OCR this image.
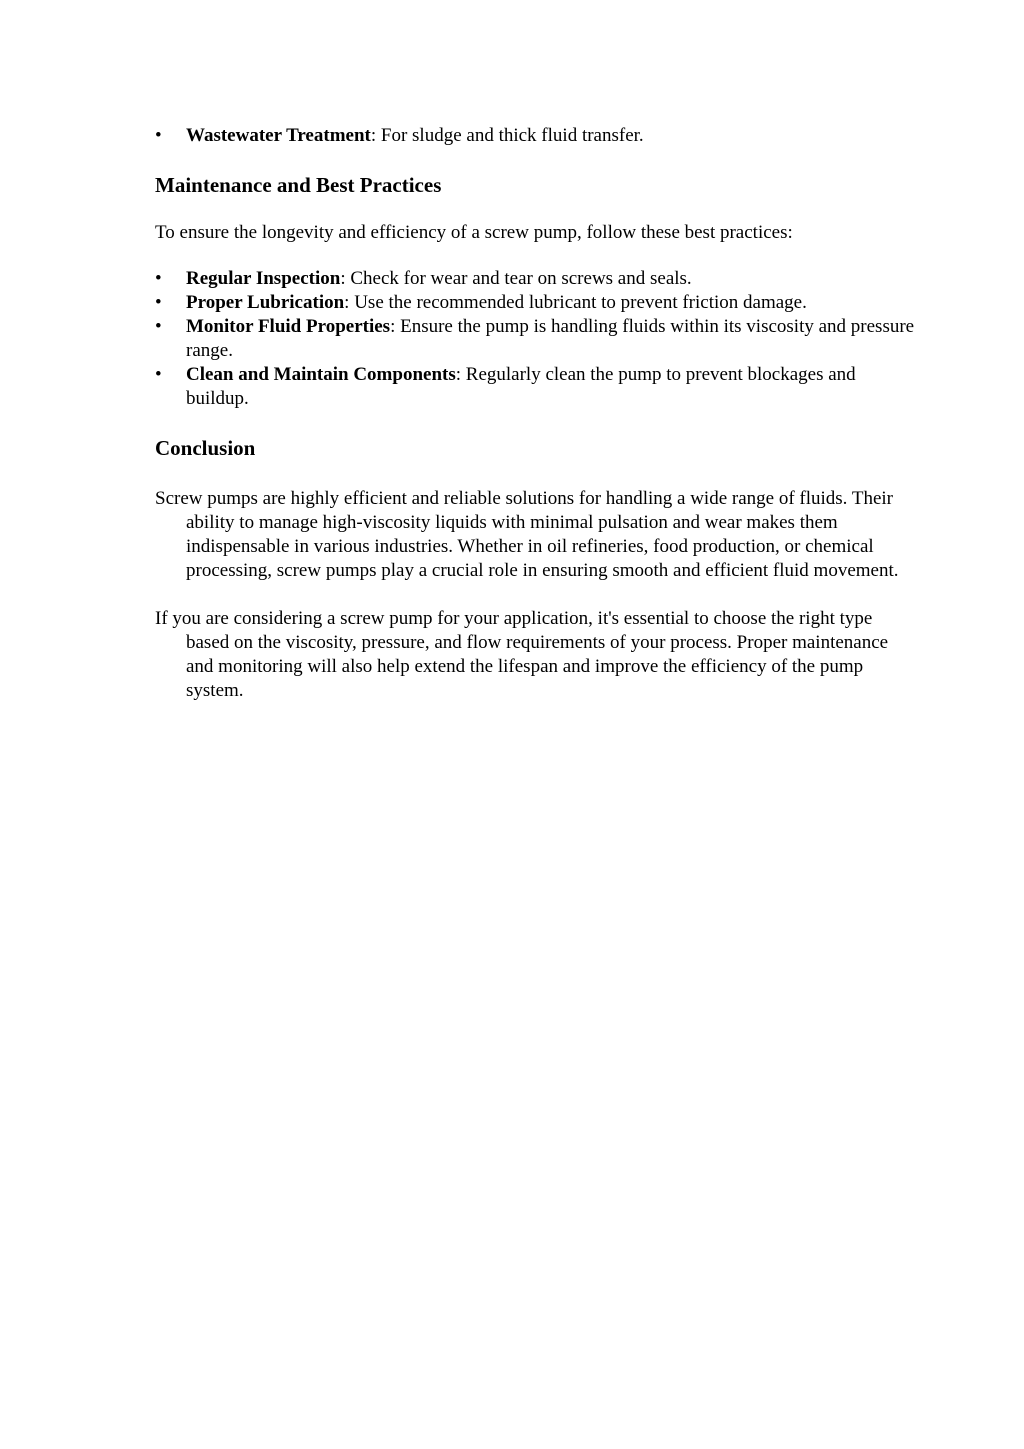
• Wastewater Treatment: For sludge and thick fluid transfer.
Maintenance and Best Practices

To ensure the longevity and efficiency of a screw pump, follow these best practices:

• Regular Inspection: Check for wear and tear on screws and seals.
• Proper Lubrication: Use the recommended lubricant to prevent friction damage.
• Monitor Fluid Properties: Ensure the pump is handling fluids within its viscosity and pressure range.
• Clean and Maintain Components: Regularly clean the pump to prevent blockages and buildup.
Conclusion

Screw pumps are highly efficient and reliable solutions for handling a wide range of fluids. Their ability to manage high-viscosity liquids with minimal pulsation and wear makes them indispensable in various industries. Whether in oil refineries, food production, or chemical processing, screw pumps play a crucial role in ensuring smooth and efficient fluid movement.

If you are considering a screw pump for your application, it's essential to choose the right type based on the viscosity, pressure, and flow requirements of your process. Proper maintenance and monitoring will also help extend the lifespan and improve the efficiency of the pump system.
